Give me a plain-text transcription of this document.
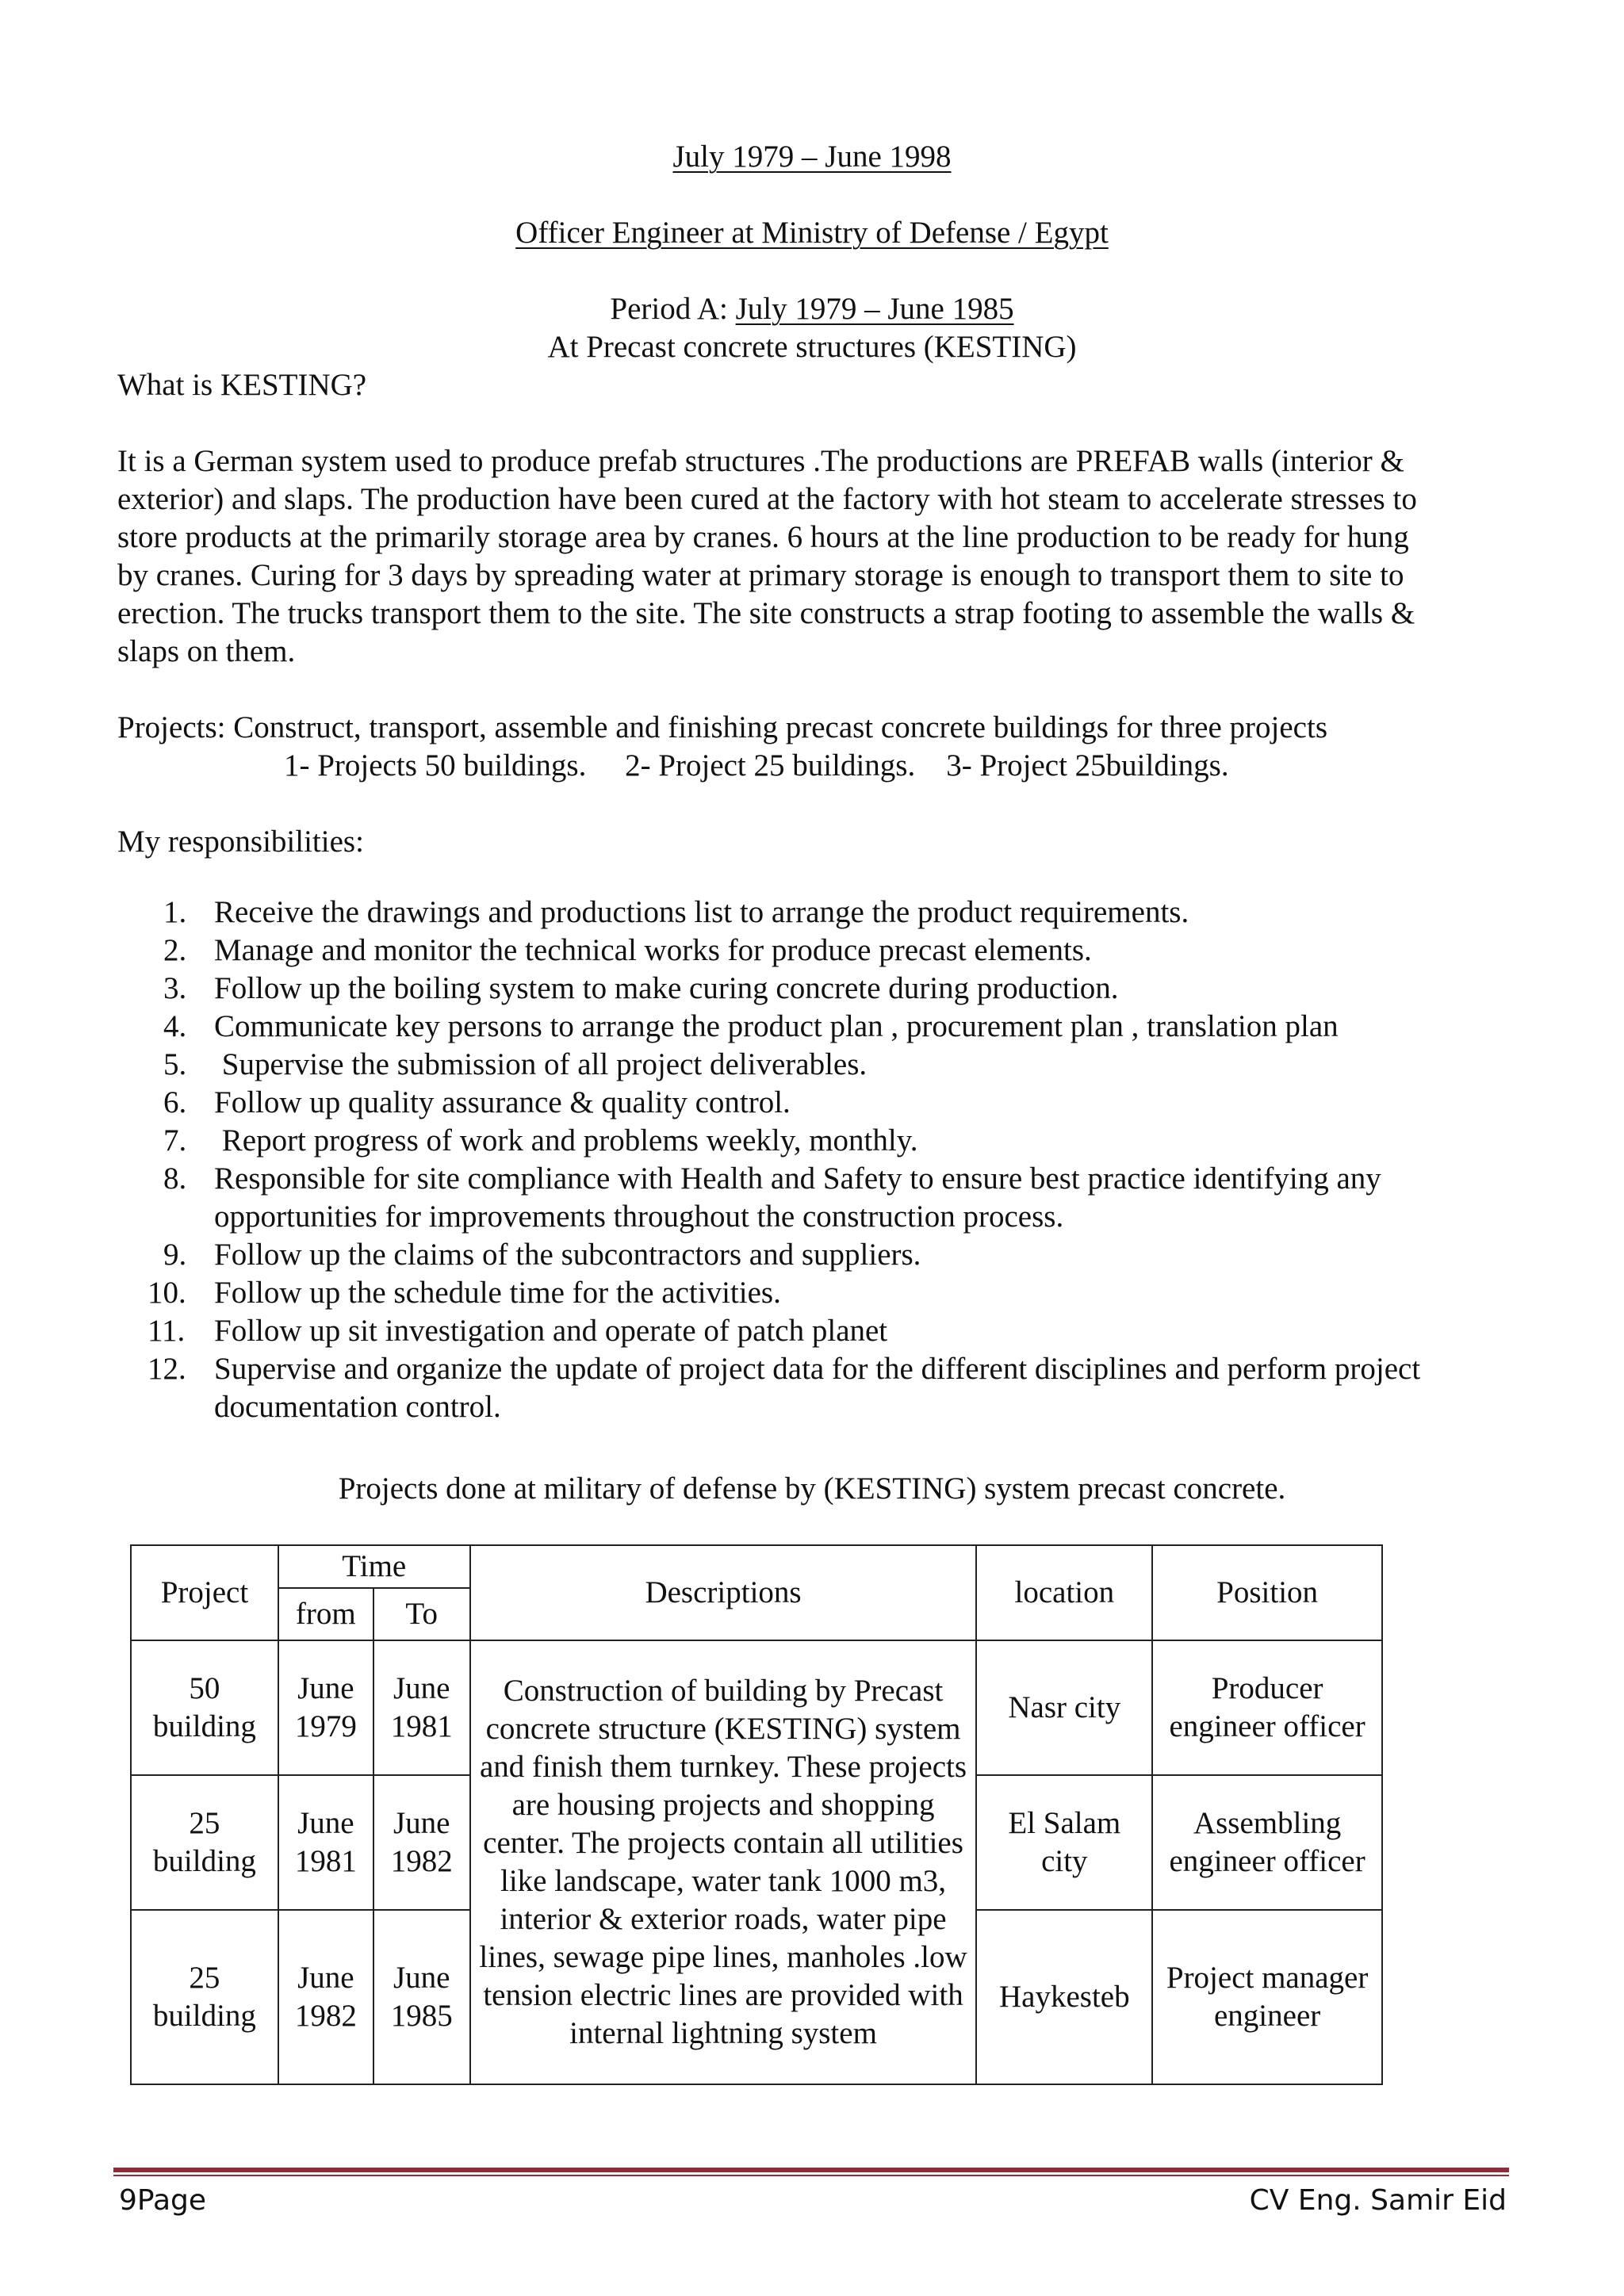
July 1979 – June 1998
Officer Engineer at Ministry of Defense / Egypt
Period A: July 1979 – June 1985
At Precast concrete structures (KESTING)
What is KESTING?
It is a German system used to produce prefab structures .The productions are PREFAB walls (interior &
exterior) and slaps. The production have been cured at the factory with hot steam to accelerate stresses to
store products at the primarily storage area by cranes. 6 hours at the line production to be ready for hung
by cranes. Curing for 3 days by spreading water at primary storage is enough to transport them to site to
erection. The trucks transport them to the site. The site constructs a strap footing to assemble the walls &
slaps on them.
Projects: Construct, transport, assemble and finishing precast concrete buildings for three projects
1- Projects 50 buildings.     2- Project 25 buildings.    3- Project 25buildings.
My responsibilities:
1. Receive the drawings and productions list to arrange the product requirements.
2. Manage and monitor the technical works for produce precast elements.
3. Follow up the boiling system to make curing concrete during production.
4. Communicate key persons to arrange the product plan , procurement plan , translation plan
5. Supervise the submission of all project deliverables.
6. Follow up quality assurance & quality control.
7. Report progress of work and problems weekly, monthly.
8. Responsible for site compliance with Health and Safety to ensure best practice identifying any opportunities for improvements throughout the construction process.
9. Follow up the claims of the subcontractors and suppliers.
10. Follow up the schedule time for the activities.
11. Follow up sit investigation and operate of patch planet
12. Supervise and organize the update of project data for the different disciplines and perform project documentation control.
Projects done at military of defense by (KESTING) system precast concrete.
Project	Time		Descriptions	location	Position
	from	To			
50 building	June 1979	June 1981	Construction of building by Precast concrete structure (KESTING) system and finish them turnkey. These projects are housing projects and shopping center. The projects contain all utilities like landscape, water tank 1000 m3, interior & exterior roads, water pipe lines, sewage pipe lines, manholes .low tension electric lines are provided with internal lightning system	Nasr city	Producer engineer officer
25 building	June 1981	June 1982		El Salam city	Assembling engineer officer
25 building	June 1982	June 1985		Haykesteb	Project manager engineer
9Page	CV Eng. Samir Eid
